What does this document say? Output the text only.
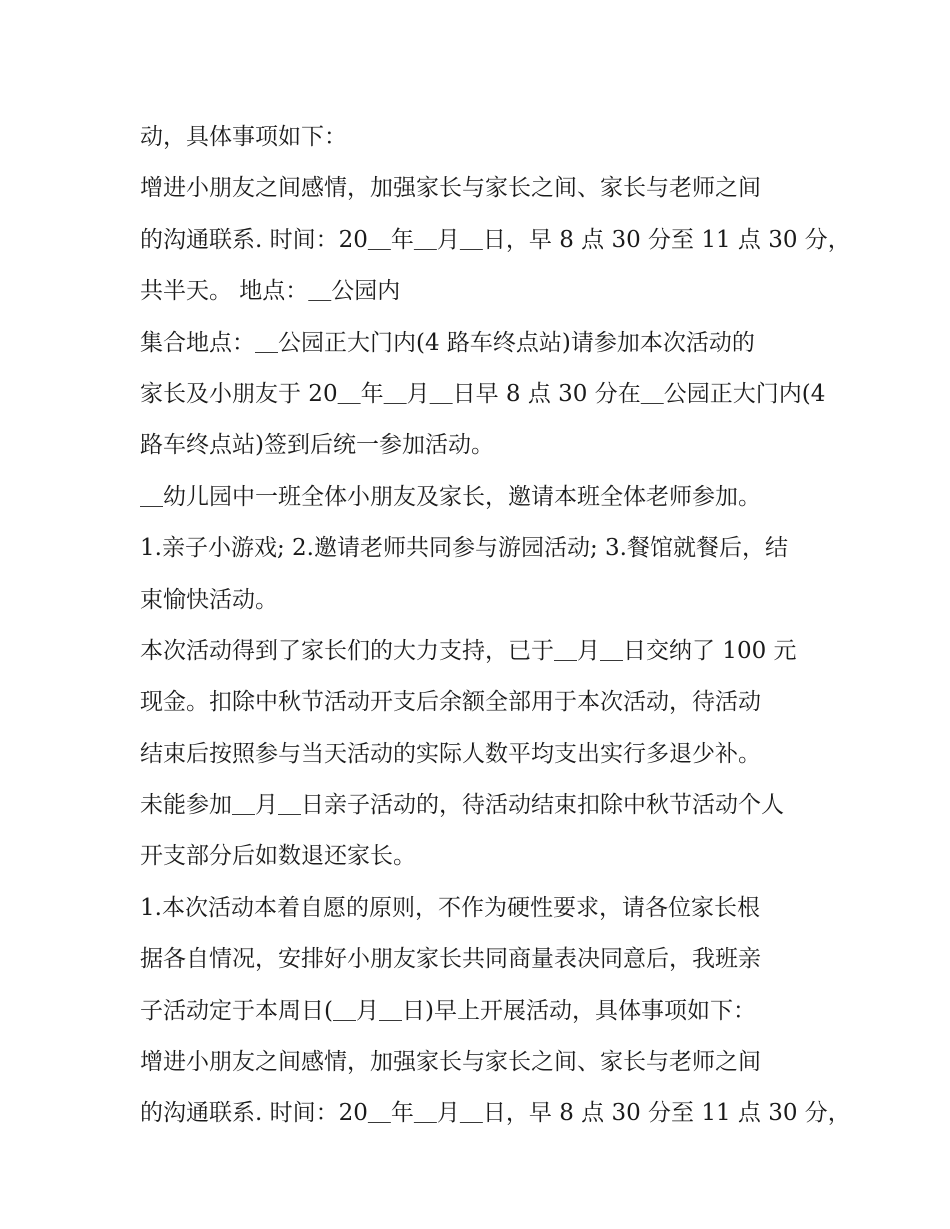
动，具体事项如下：
增进小朋友之间感情，加强家长与家长之间、家长与老师之间
的沟通联系. 时间：20＿年＿月＿日，早 8 点 30 分至 11 点 30 分，
共半天。 地点：＿公园内
集合地点：＿公园正大门内(4 路车终点站)请参加本次活动的
家长及小朋友于 20＿年＿月＿日早 8 点 30 分在＿公园正大门内(4
路车终点站)签到后统一参加活动。
＿幼儿园中一班全体小朋友及家长，邀请本班全体老师参加。
1.亲子小游戏; 2.邀请老师共同参与游园活动; 3.餐馆就餐后，结
束愉快活动。
本次活动得到了家长们的大力支持，已于＿月＿日交纳了 100 元
现金。扣除中秋节活动开支后余额全部用于本次活动，待活动
结束后按照参与当天活动的实际人数平均支出实行多退少补。
未能参加＿月＿日亲子活动的，待活动结束扣除中秋节活动个人
开支部分后如数退还家长。
1.本次活动本着自愿的原则，不作为硬性要求，请各位家长根
据各自情况，安排好小朋友家长共同商量表决同意后，我班亲
子活动定于本周日(＿月＿日)早上开展活动，具体事项如下：
增进小朋友之间感情，加强家长与家长之间、家长与老师之间
的沟通联系. 时间：20＿年＿月＿日，早 8 点 30 分至 11 点 30 分，
